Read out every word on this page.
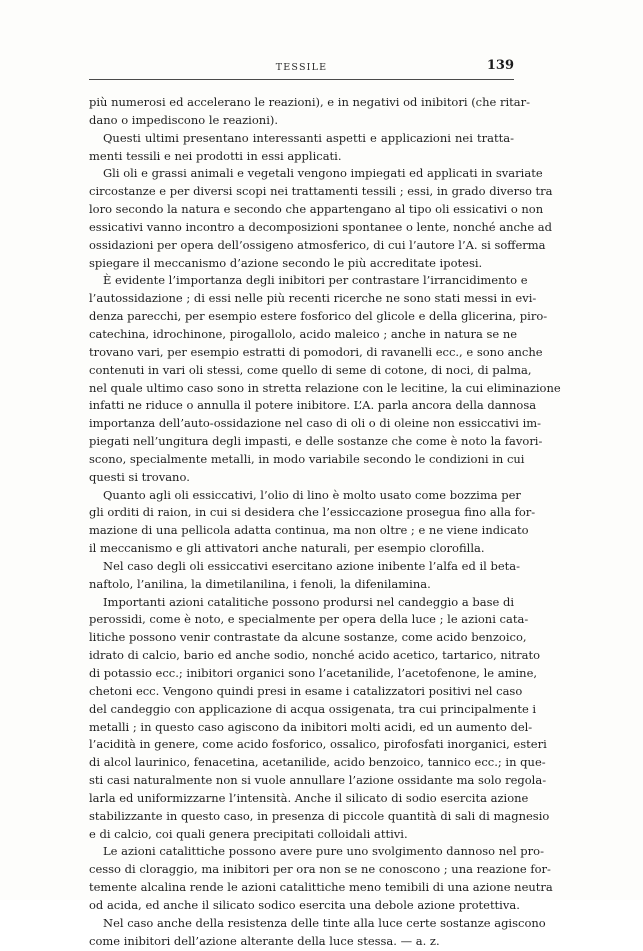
TESSILE	139

più numerosi ed accelerano le reazioni), e in negativi od inibitori (che ritar-
dano o impediscono le reazioni).

Questi ultimi presentano interessanti aspetti e applicazioni nei tratta-
menti tessili e nei prodotti in essi applicati.

Gli oli e grassi animali e vegetali vengono impiegati ed applicati in svariate
circostanze e per diversi scopi nei trattamenti tessili ; essi, in grado diverso tra
loro secondo la natura e secondo che appartengano al tipo oli essicativi o non
essicativi vanno incontro a decomposizioni spontanee o lente, nonché anche ad
ossidazioni per opera dell’ossigeno atmosferico, di cui l’autore l’A. si sofferma
spiegare il meccanismo d’azione secondo le più accreditate ipotesi.

È evidente l’importanza degli inibitori per contrastare l’irrancidimento e
l’autossidazione ; di essi nelle più recenti ricerche ne sono stati messi in evi-
denza parecchi, per esempio estere fosforico del glicole e della glicerina, piro-
catechina, idrochinone, pirogallolo, acido maleico ; anche in natura se ne
trovano vari, per esempio estratti di pomodori, di ravanelli ecc., e sono anche
contenuti in vari oli stessi, come quello di seme di cotone, di noci, di palma,
nel quale ultimo caso sono in stretta relazione con le lecitine, la cui eliminazione
infatti ne riduce o annulla il potere inibitore. L’A. parla ancora della dannosa
importanza dell’auto-ossidazione nel caso di oli o di oleine non essiccativi im-
piegati nell’ungitura degli impasti, e delle sostanze che come è noto la favori-
scono, specialmente metalli, in modo variabile secondo le condizioni in cui
questi si trovano.

Quanto agli oli essiccativi, l’olio di lino è molto usato come bozzima per
gli orditi di raion, in cui si desidera che l’essiccazione prosegua fino alla for-
mazione di una pellicola adatta continua, ma non oltre ; e ne viene indicato
il meccanismo e gli attivatori anche naturali, per esempio clorofilla.

Nel caso degli oli essiccativi esercitano azione inibente l’alfa ed il beta-
naftolo, l’anilina, la dimetilanilina, i fenoli, la difenilamina.

Importanti azioni catalitiche possono prodursi nel candeggio a base di
perossidi, come è noto, e specialmente per opera della luce ; le azioni cata-
litiche possono venir contrastate da alcune sostanze, come acido benzoico,
idrato di calcio, bario ed anche sodio, nonché acido acetico, tartarico, nitrato
di potassio ecc.; inibitori organici sono l’acetanilide, l’acetofenone, le amine,
chetoni ecc. Vengono quindi presi in esame i catalizzatori positivi nel caso
del candeggio con applicazione di acqua ossigenata, tra cui principalmente i
metalli ; in questo caso agiscono da inibitori molti acidi, ed un aumento del-
l’acidità in genere, come acido fosforico, ossalico, pirofosfati inorganici, esteri
di alcol laurinico, fenacetina, acetanilide, acido benzoico, tannico ecc.; in que-
sti casi naturalmente non si vuole annullare l’azione ossidante ma solo regola-
larla ed uniformizzarne l’intensità. Anche il silicato di sodio esercita azione
stabilizzante in questo caso, in presenza di piccole quantità di sali di magnesio
e di calcio, coi quali genera precipitati colloidali attivi.

Le azioni catalittiche possono avere pure uno svolgimento dannoso nel pro-
cesso di cloraggio, ma inibitori per ora non se ne conoscono ; una reazione for-
temente alcalina rende le azioni catalittiche meno temibili di una azione neutra
od acida, ed anche il silicato sodico esercita una debole azione protettiva.

Nel caso anche della resistenza delle tinte alla luce certe sostanze agiscono
come inibitori dell’azione alterante della luce stessa. — a. z.
